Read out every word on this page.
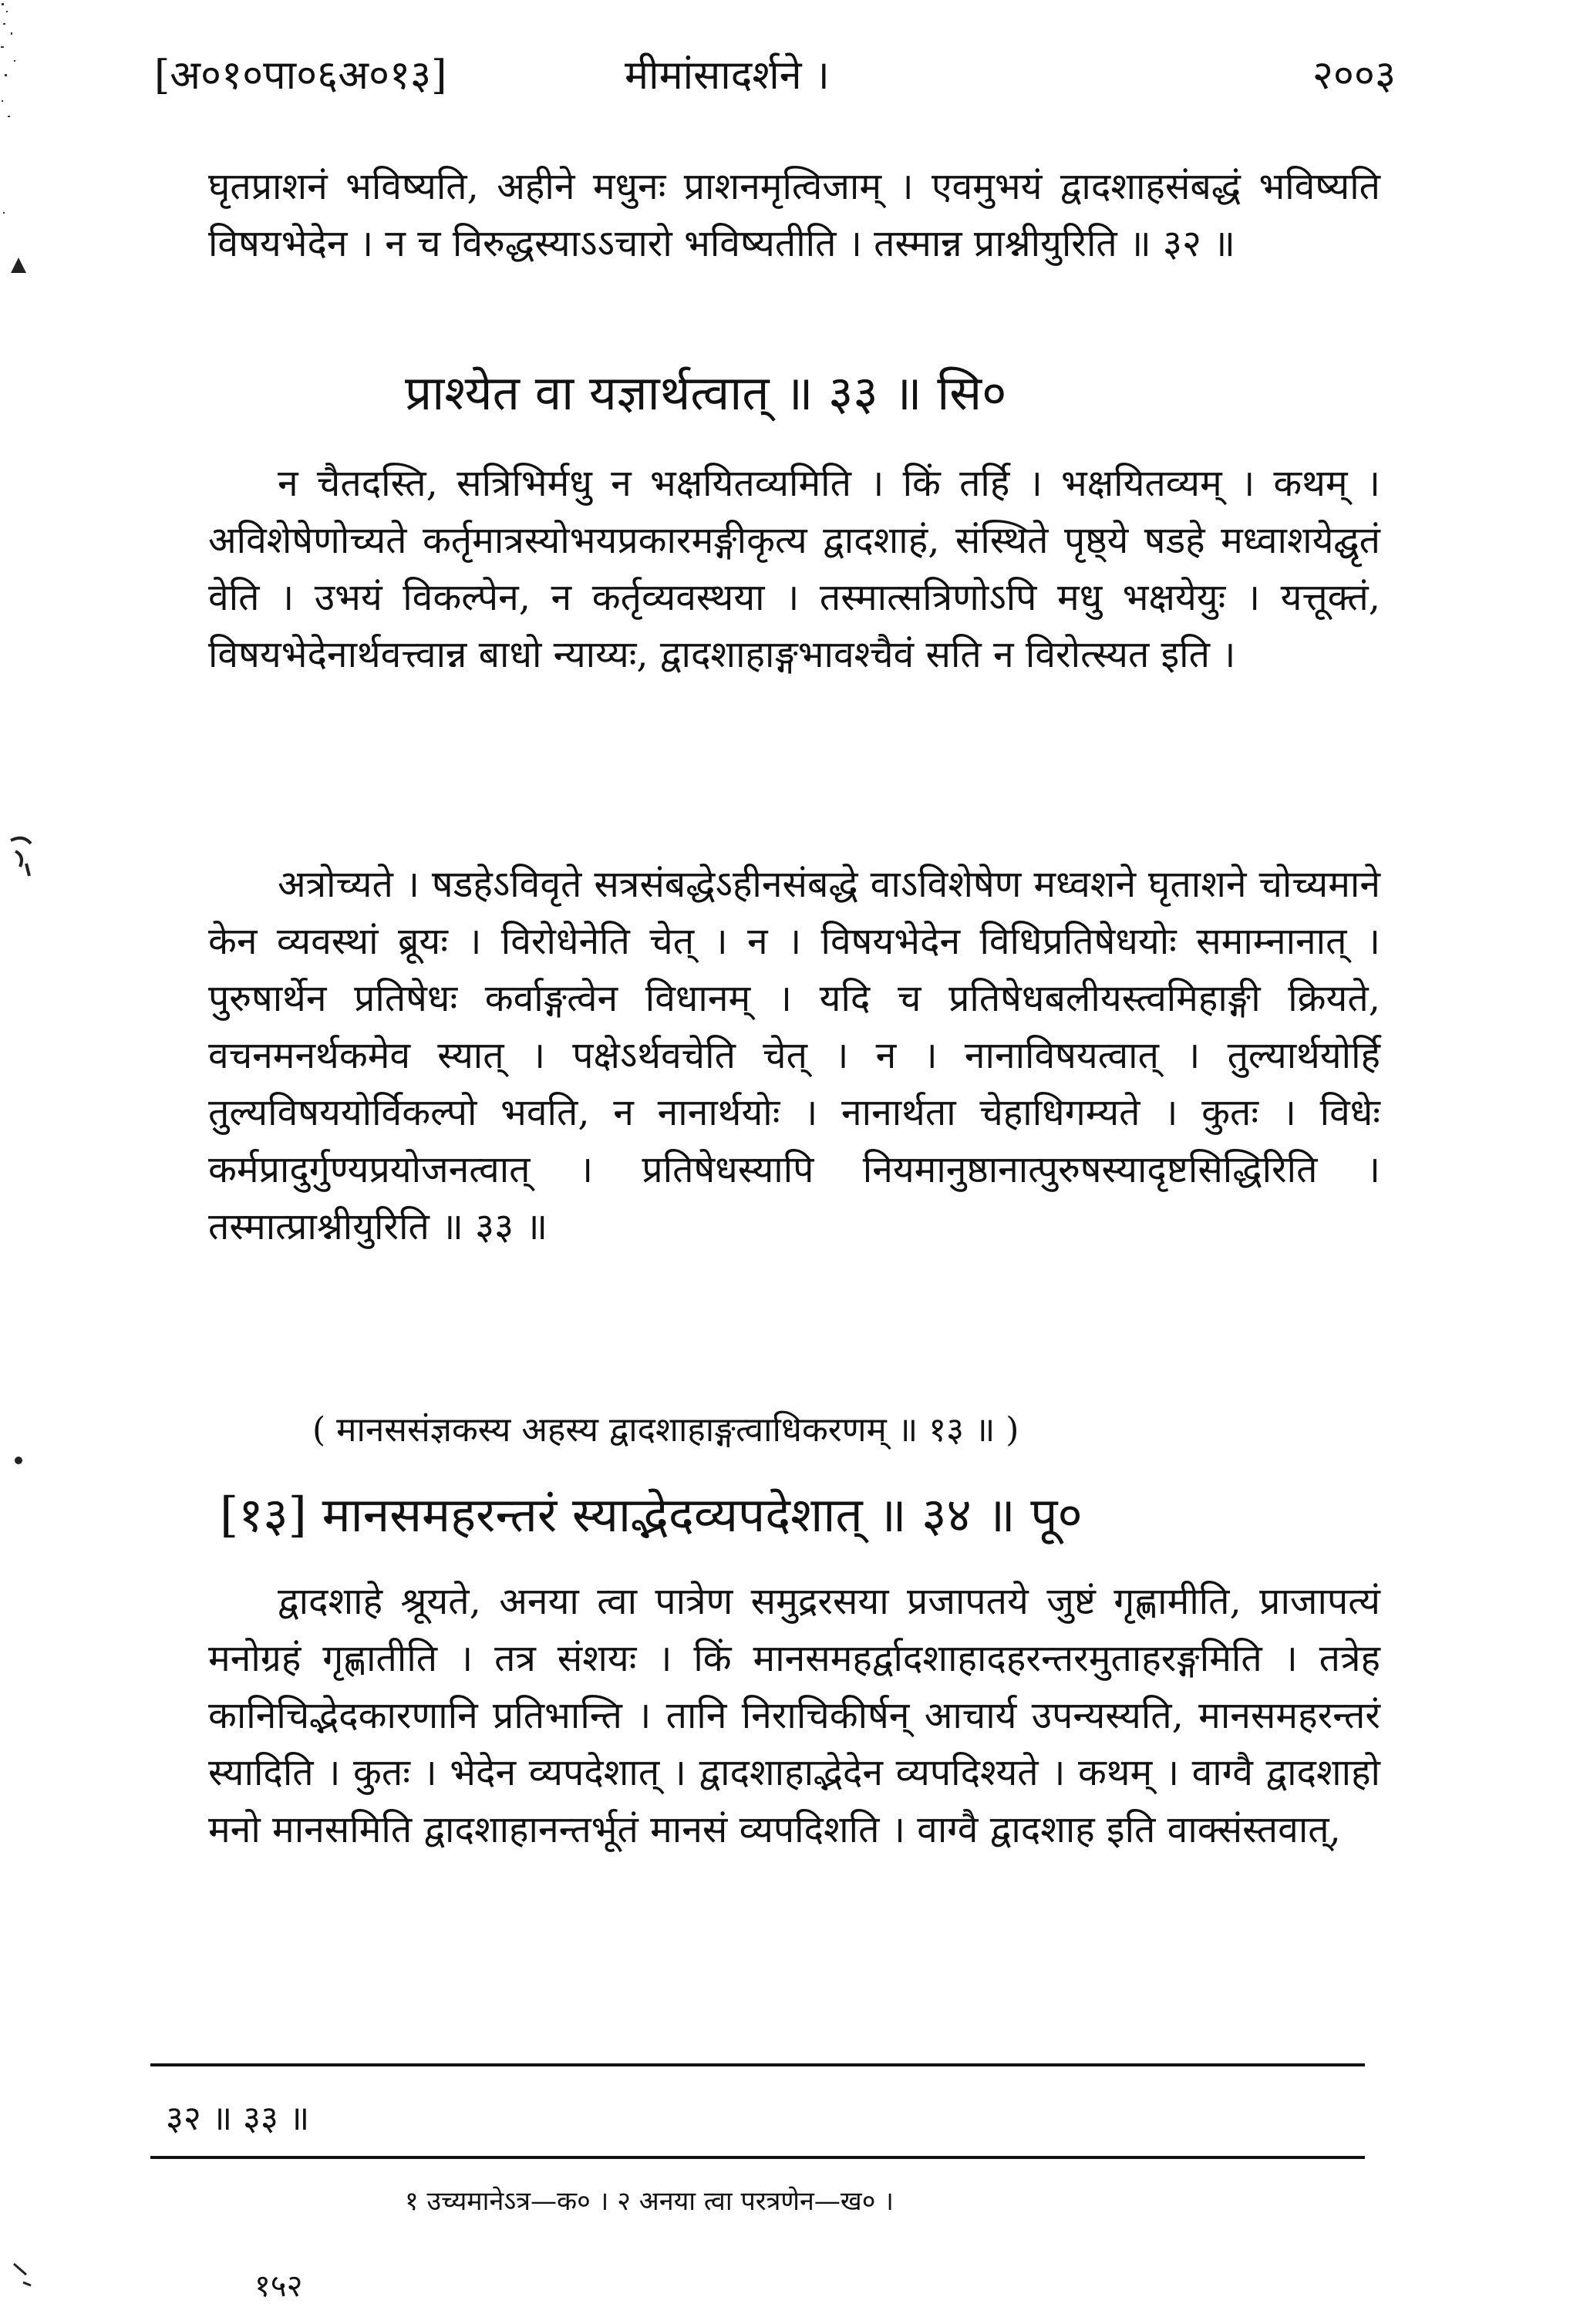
[अ०१०पा०६अ०१३]	मीमांसादर्शने ।	२००३

घृतप्राशनं भविष्यति, अहीने मधुनः प्राशनमृत्विजाम् । एवमुभयं द्वादशाहसंबद्धं भविष्यति विषयभेदेन । न च विरुद्धस्याऽऽचारो भविष्यतीति । तस्मान्न प्राश्नीयुरिति ॥ ३२ ॥

प्राश्येत वा यज्ञार्थत्वात् ॥ ३३ ॥ सि०

न चैतदस्ति, सत्रिभिर्मधु न भक्षयितव्यमिति । किं तर्हि । भक्षयितव्यम् । कथम् । अविशेषेणोच्यते कर्तृमात्रस्योभयप्रकारमङ्गीकृत्य द्वादशाहं, संस्थिते पृष्ठ्ये षडहे मध्वाशयेद्घृतं वेति । उभयं विकल्पेन, न कर्तृव्यवस्थया । तस्मात्सत्रिणोऽपि मधु भक्षयेयुः । यत्तूक्तं, विषयभेदेनार्थवत्त्वान्न बाधो न्याय्यः, द्वादशाहाङ्गभावश्चैवं सति न विरोत्स्यत इति ।

अत्रोच्यते । षडहेऽविवृते सत्रसंबद्धेऽहीनसंबद्धे वाऽविशेषेण मध्वशने घृताशने चोच्यमाने केन व्यवस्थां ब्रूयः । विरोधेनेति चेत् । न । विषयभेदेन विधिप्रतिषेधयोः समाम्नानात् । पुरुषार्थेन प्रतिषेधः कर्वाङ्गत्वेन विधानम् । यदि च प्रतिषेधबलीयस्त्वमिहाङ्गी क्रियते, वचनमनर्थकमेव स्यात् । पक्षेऽर्थवचेति चेत् । न । नानाविषयत्वात् । तुल्यार्थयोर्हि तुल्यविषययोर्विकल्पो भवति, न नानार्थयोः । नानार्थता चेहाधिगम्यते । कुतः । विधेः कर्मप्रादुर्गुण्यप्रयोजनत्वात् । प्रतिषेधस्यापि नियमानुष्ठानात्पुरुषस्यादृष्टसिद्धिरिति । तस्मात्प्राश्नीयुरिति ॥ ३३ ॥

( मानससंज्ञकस्य अहस्य द्वादशाहाङ्गत्वाधिकरणम् ॥ १३ ॥ )
[१३] मानसमहरन्तरं स्याद्भेदव्यपदेशात् ॥ ३४ ॥ पू०

द्वादशाहे श्रूयते, अनया त्वा पात्रेण समुद्ररसया प्रजापतये जुष्टं गृह्णामीति, प्राजापत्यं मनोग्रहं गृह्णातीति । तत्र संशयः । किं मानसमहर्द्वादशाहादहरन्तरमुताहरङ्गमिति । तत्रेह कानिचिद्भेदकारणानि प्रतिभान्ति । तानि निराचिकीर्षन् आचार्य उपन्यस्यति, मानसमहरन्तरं स्यादिति । कुतः । भेदेन व्यपदेशात् । द्वादशाहाद्भेदेन व्यपदिश्यते । कथम् । वाग्वै द्वादशाहो मनो मानसमिति द्वादशाहानन्तर्भूतं मानसं व्यपदिशति । वाग्वै द्वादशाह इति वाक्संस्तवात्,

३२ ॥ ३३ ॥
१ उच्यमानेऽत्र—क० । २ अनया त्वा परत्रणेन—ख० ।
१५२
